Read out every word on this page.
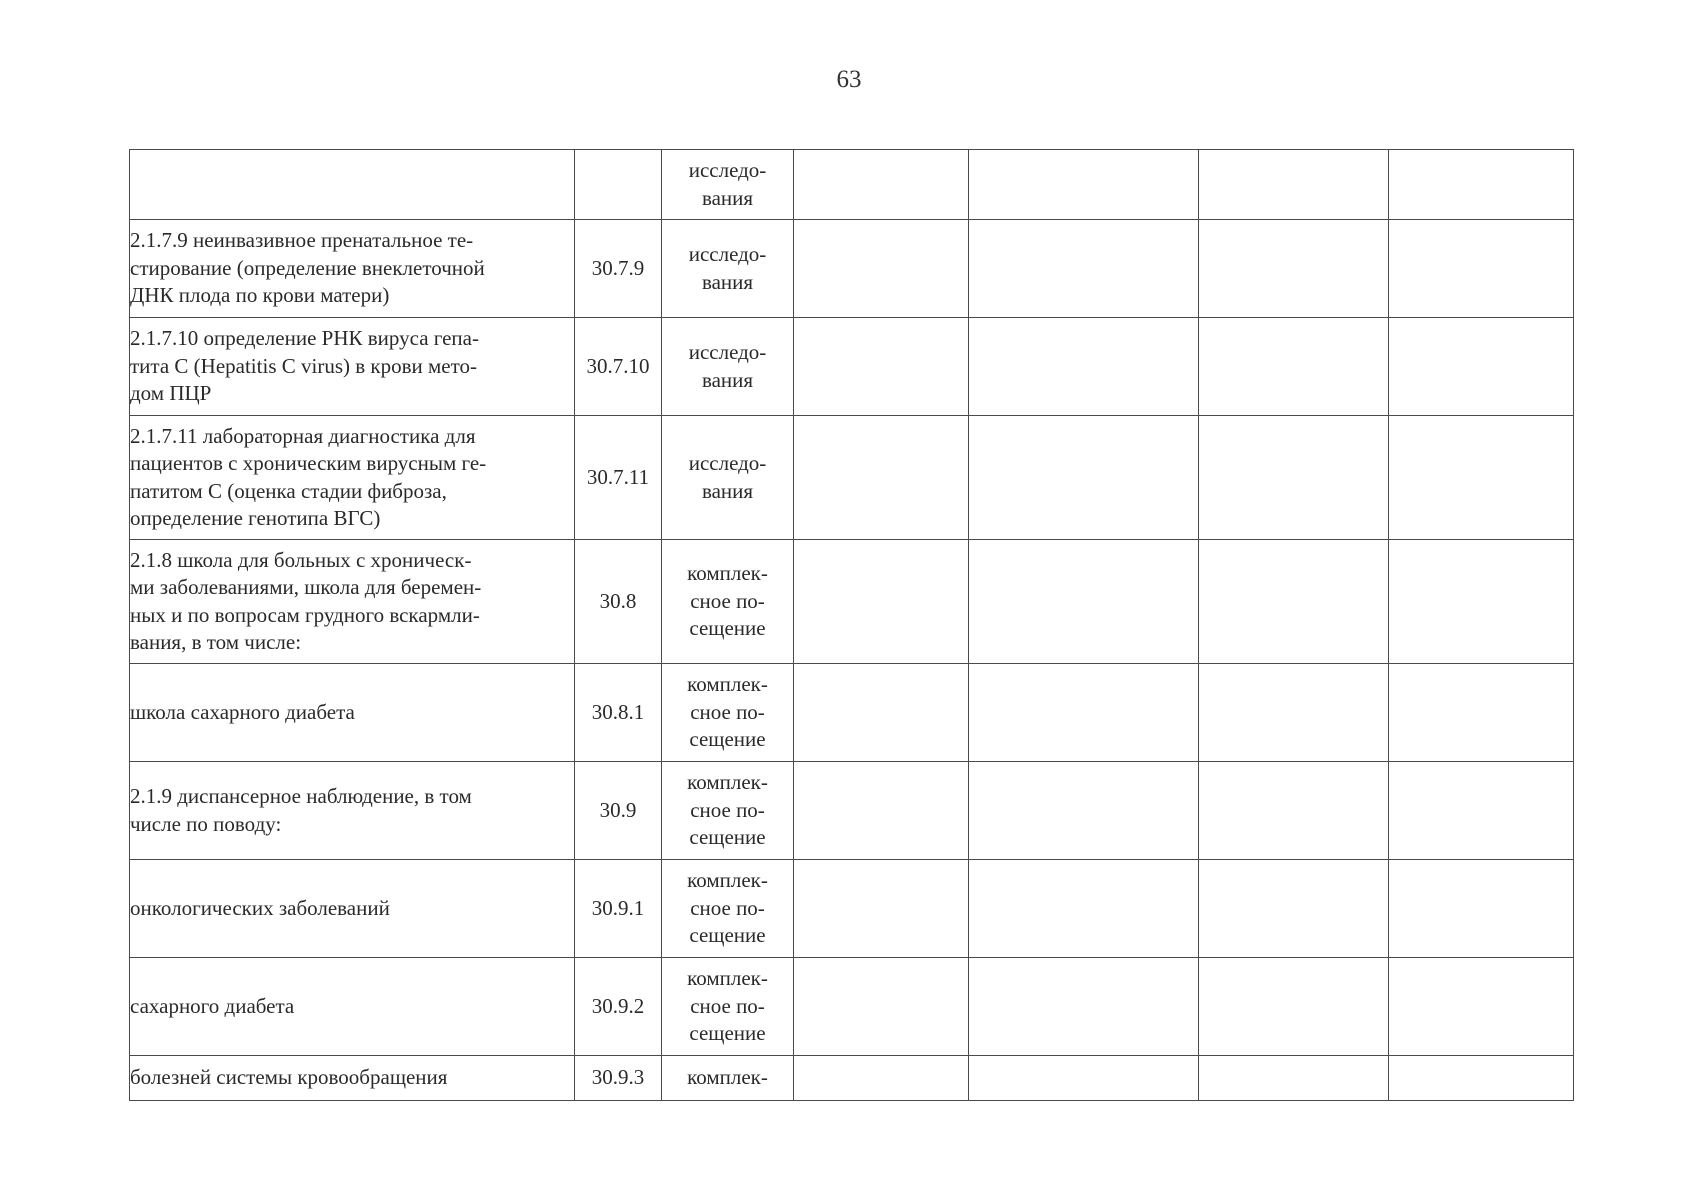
63

		исследо-
вания				

2.1.7.9 неинвазивное пренатальное те-
стирование (определение внеклеточной
ДНК плода по крови матери)	30.7.9	исследо-
вания				

2.1.7.10 определение РНК вируса гепа-
тита C (Hepatitis C virus) в крови мето-
дом ПЦР	30.7.10	исследо-
вания				

2.1.7.11 лабораторная диагностика для
пациентов с хроническим вирусным ге-
патитом C (оценка стадии фиброза,
определение генотипа ВГС)	30.7.11	исследо-
вания				

2.1.8 школа для больных с хроническ-
ми заболеваниями, школа для беремен-
ных и по вопросам грудного вскармли-
вания, в том числе:	30.8	комплек-
сное по-
сещение				

школа сахарного диабета	30.8.1	комплек-
сное по-
сещение				

2.1.9 диспансерное наблюдение, в том
числе по поводу:	30.9	комплек-
сное по-
сещение				

онкологических заболеваний	30.9.1	комплек-
сное по-
сещение				

сахарного диабета	30.9.2	комплек-
сное по-
сещение				

болезней системы кровообращения	30.9.3	комплек-				
